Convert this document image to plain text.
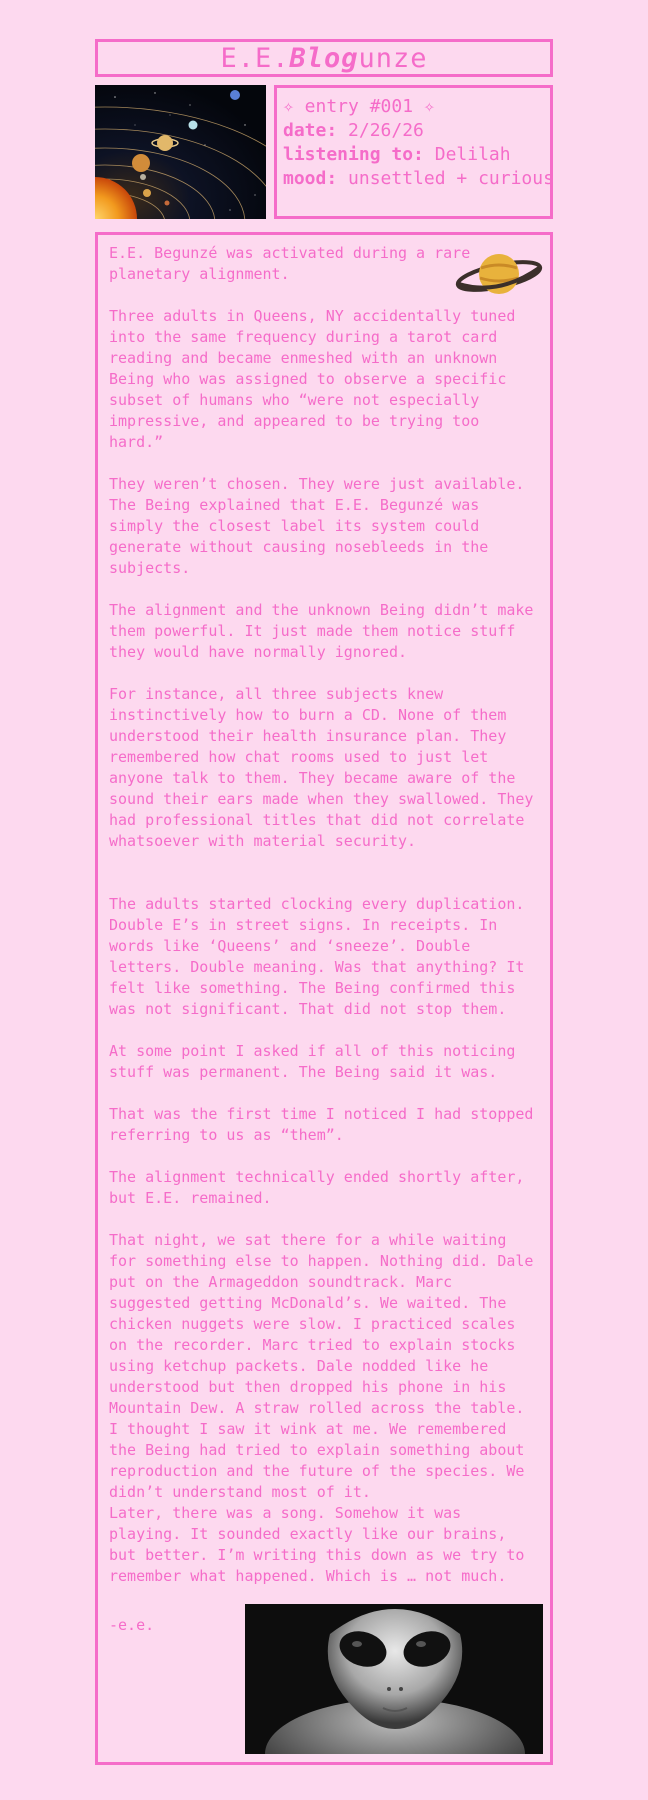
E.E. Blog unze
✧ entry #001 ✧
date: 2/26/26
listening to: Delilah
mood: unsettled + curious

E.E. Begunzé was activated during a rare
planetary alignment.

Three adults in Queens, NY accidentally tuned
into the same frequency during a tarot card
reading and became enmeshed with an unknown
Being who was assigned to observe a specific
subset of humans who “were not especially
impressive, and appeared to be trying too
hard.”

They weren’t chosen. They were just available.
The Being explained that E.E. Begunzé was
simply the closest label its system could
generate without causing nosebleeds in the
subjects.

The alignment and the unknown Being didn’t make
them powerful. It just made them notice stuff
they would have normally ignored.

For instance, all three subjects knew
instinctively how to burn a CD. None of them
understood their health insurance plan. They
remembered how chat rooms used to just let
anyone talk to them. They became aware of the
sound their ears made when they swallowed. They
had professional titles that did not correlate
whatsoever with material security.

The adults started clocking every duplication.
Double E’s in street signs. In receipts. In
words like ‘Queens’ and ‘sneeze’. Double
letters. Double meaning. Was that anything? It
felt like something. The Being confirmed this
was not significant. That did not stop them.

At some point I asked if all of this noticing
stuff was permanent. The Being said it was.

That was the first time I noticed I had stopped
referring to us as “them”.

The alignment technically ended shortly after,
but E.E. remained.

That night, we sat there for a while waiting
for something else to happen. Nothing did. Dale
put on the Armageddon soundtrack. Marc
suggested getting McDonald’s. We waited. The
chicken nuggets were slow. I practiced scales
on the recorder. Marc tried to explain stocks
using ketchup packets. Dale nodded like he
understood but then dropped his phone in his
Mountain Dew. A straw rolled across the table.
I thought I saw it wink at me. We remembered
the Being had tried to explain something about
reproduction and the future of the species. We
didn’t understand most of it.

Later, there was a song. Somehow it was
playing. It sounded exactly like our brains,
but better. I’m writing this down as we try to
remember what happened. Which is … not much.

-e.e.
